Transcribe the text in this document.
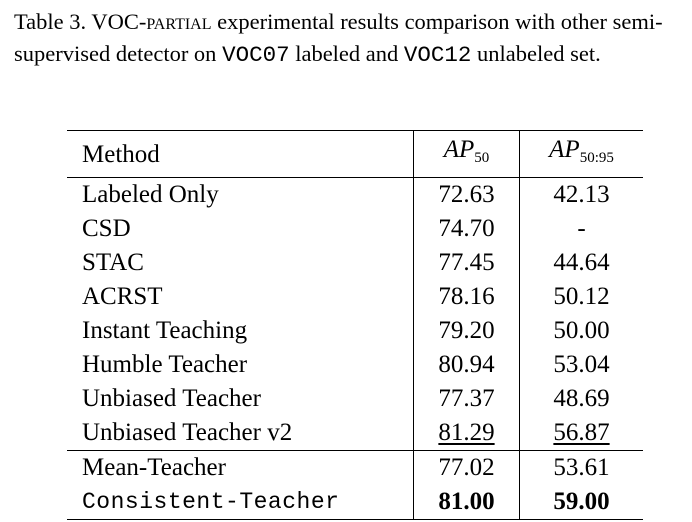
Table 3. VOC-partial experimental results comparison with other semi-supervised detector on VOC07 labeled and VOC12 unlabeled set.
Method	$AP_{50}$	$AP_{50:95}$
Labeled Only	72.63	42.13
CSD	74.70	-
STAC	77.45	44.64
ACRST	78.16	50.12
Instant Teaching	79.20	50.00
Humble Teacher	80.94	53.04
Unbiased Teacher	77.37	48.69
Unbiased Teacher v2	81.29	56.87
Mean-Teacher	77.02	53.61
Consistent-Teacher	81.00	59.00
